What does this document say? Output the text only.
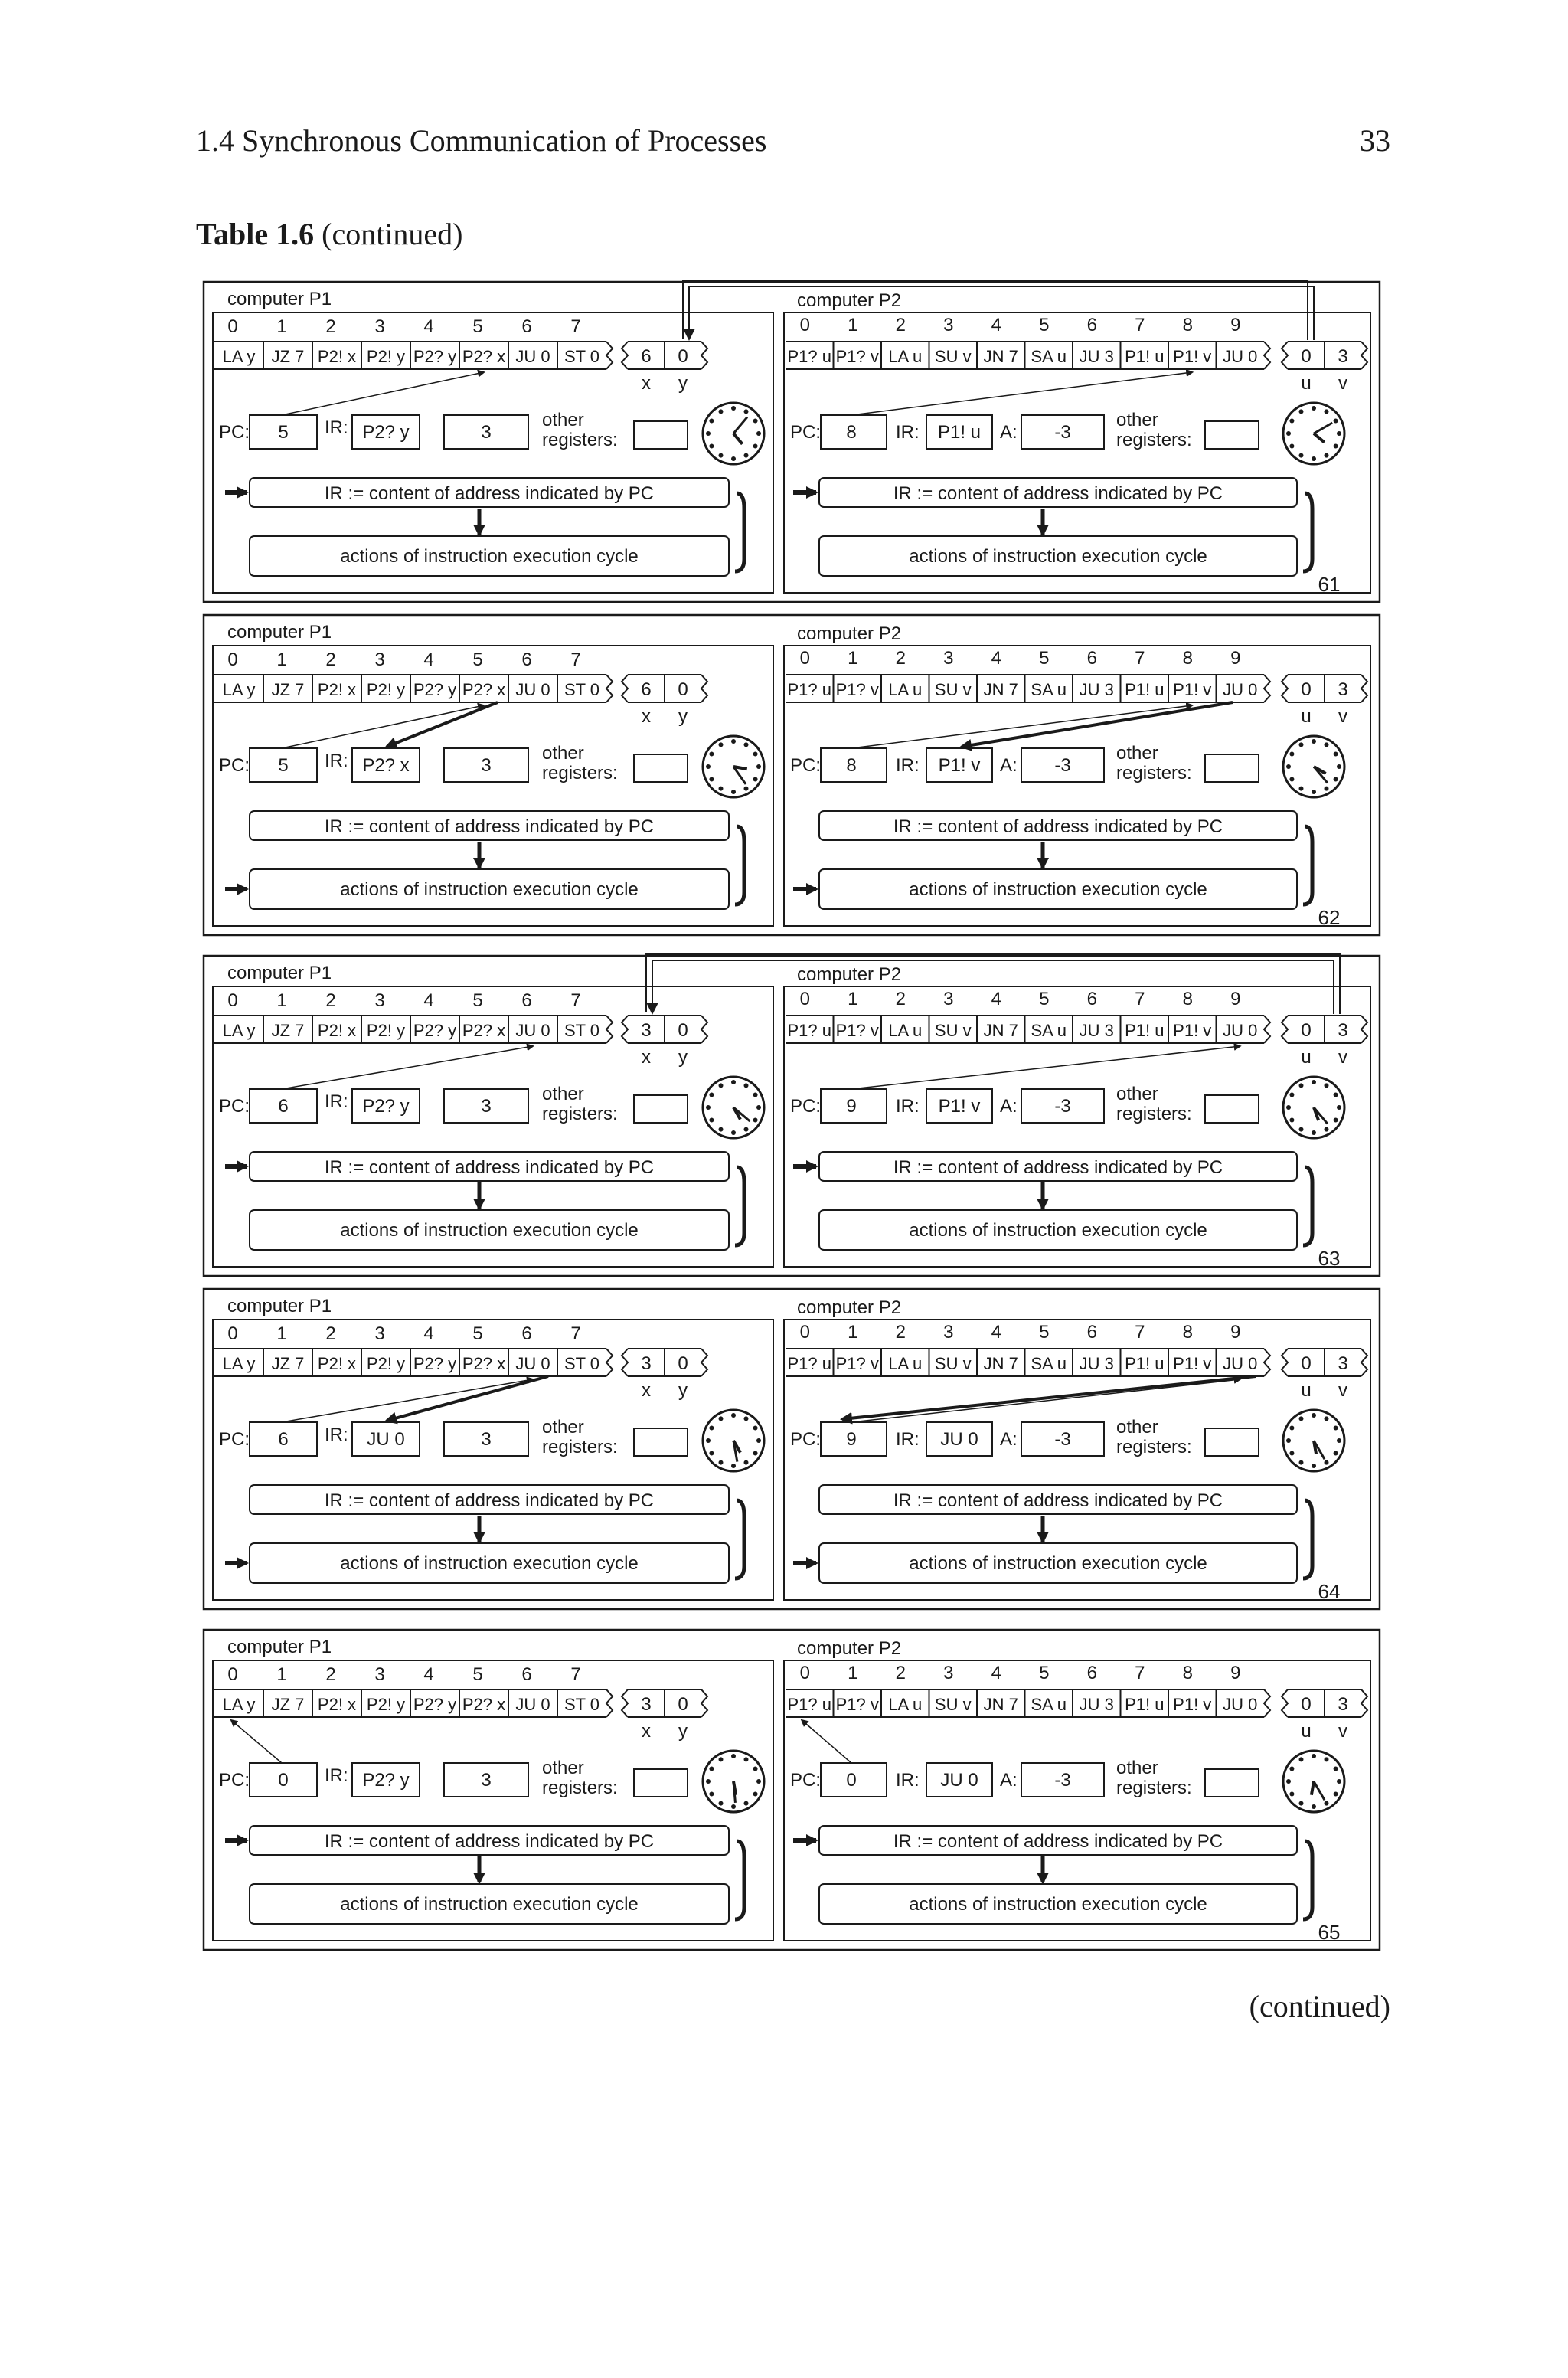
1.4 Synchronous Communication of Processes	33
Table 1.6 (continued)
computer P1
0 1 2 3 4 5 6 7
LA y JZ 7 P2! x P2! y P2? y P2? x JU 0 ST 0 6 0
x y
PC: 5 IR: P2? y	3
other
registers:
IR := content of address indicated by PC
actions of instruction execution cycle
computer P2
0 1 2 3 4 5 6 7 8 9
P1? u P1? v LA u SU v JN 7 SA u JU 3 P1! u P1! v JU 0 0 3
u v
PC: 8 IR: P1! u A: -3
other
registers:
IR := content of address indicated by PC
actions of instruction execution cycle
61
computer P1
0 1 2 3 4 5 6 7
LA y JZ 7 P2! x P2! y P2? y P2? x JU 0 ST 0 6 0
x y
PC: 5 IR: P2? x	3
other
registers:
IR := content of address indicated by PC
actions of instruction execution cycle
computer P2
0 1 2 3 4 5 6 7 8 9
P1? u P1? v LA u SU v JN 7 SA u JU 3 P1! u P1! v JU 0 0 3
u v
PC: 8 IR: P1! v A: -3
other
registers:
IR := content of address indicated by PC
actions of instruction execution cycle
62
computer P1
0 1 2 3 4 5 6 7
LA y JZ 7 P2! x P2! y P2? y P2? x JU 0 ST 0 3 0
x y
PC: 6 IR: P2? y	3
other
registers:
IR := content of address indicated by PC
actions of instruction execution cycle
computer P2
0 1 2 3 4 5 6 7 8 9
P1? u P1? v LA u SU v JN 7 SA u JU 3 P1! u P1! v JU 0 0 3
u v
PC: 9 IR: P1! v A: -3
other
registers:
IR := content of address indicated by PC
actions of instruction execution cycle
63
computer P1
0 1 2 3 4 5 6 7
LA y JZ 7 P2! x P2! y P2? y P2? x JU 0 ST 0 3 0
x y
PC: 6 IR: JU 0	3
other
registers:
IR := content of address indicated by PC
actions of instruction execution cycle
computer P2
0 1 2 3 4 5 6 7 8 9
P1? u P1? v LA u SU v JN 7 SA u JU 3 P1! u P1! v JU 0 0 3
u v
PC: 9 IR: JU 0 A: -3
other
registers:
IR := content of address indicated by PC
actions of instruction execution cycle
64
computer P1
0 1 2 3 4 5 6 7
LA y JZ 7 P2! x P2! y P2? y P2? x JU 0 ST 0 3 0
x y
PC: 0 IR: P2? y	3
other
registers:
IR := content of address indicated by PC
actions of instruction execution cycle
computer P2
0 1 2 3 4 5 6 7 8 9
P1? u P1? v LA u SU v JN 7 SA u JU 3 P1! u P1! v JU 0 0 3
u v
PC: 0 IR: JU 0 A: -3
other
registers:
IR := content of address indicated by PC
actions of instruction execution cycle
65
(continued)
